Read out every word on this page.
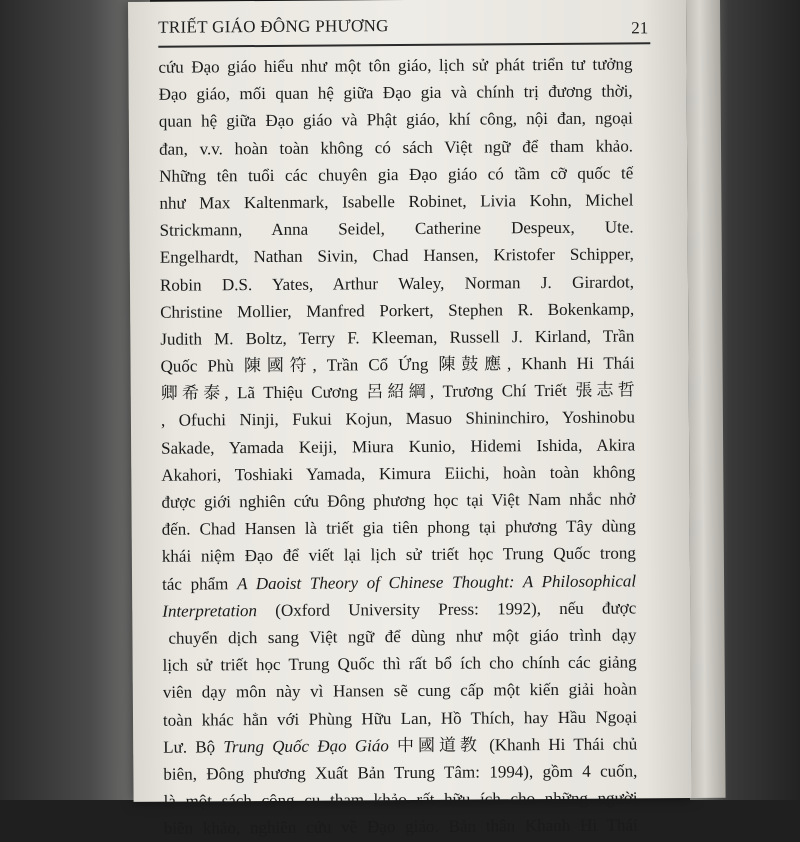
TRIẾT GIÁO ĐÔNG PHƯƠNG	21
cứu Đạo giáo hiểu như một tôn giáo, lịch sử phát triển tư tưởng
Đạo giáo, mối quan hệ giữa Đạo gia và chính trị đương thời,
quan hệ giữa Đạo giáo và Phật giáo, khí công, nội đan, ngoại
đan, v.v. hoàn toàn không có sách Việt ngữ để tham khảo.
Những tên tuổi các chuyên gia Đạo giáo có tầm cỡ quốc tế
như Max Kaltenmark, Isabelle Robinet, Livia Kohn, Michel
Strickmann, Anna Seidel, Catherine Despeux, Ute.
Engelhardt, Nathan Sivin, Chad Hansen, Kristofer Schipper,
Robin D.S. Yates, Arthur Waley, Norman J. Girardot,
Christine Mollier, Manfred Porkert, Stephen R. Bokenkamp,
Judith M. Boltz, Terry F. Kleeman, Russell J. Kirland, Trần
Quốc Phù 陳國符, Trần Cổ Ứng 陳鼓應, Khanh Hi Thái
卿希泰, Lã Thiệu Cương 呂紹綱, Trương Chí Triết 張志哲
, Ofuchi Ninji, Fukui Kojun, Masuo Shininchiro, Yoshinobu
Sakade, Yamada Keiji, Miura Kunio, Hidemi Ishida, Akira
Akahori, Toshiaki Yamada, Kimura Eiichi, hoàn toàn không
được giới nghiên cứu Đông phương học tại Việt Nam nhắc nhở
đến. Chad Hansen là triết gia tiên phong tại phương Tây dùng
khái niệm Đạo để viết lại lịch sử triết học Trung Quốc trong
tác phẩm A Daoist Theory of Chinese Thought: A Philosophical
Interpretation (Oxford University Press: 1992), nếu được
chuyển dịch sang Việt ngữ để dùng như một giáo trình dạy
lịch sử triết học Trung Quốc thì rất bổ ích cho chính các giảng
viên dạy môn này vì Hansen sẽ cung cấp một kiến giải hoàn
toàn khác hẳn với Phùng Hữu Lan, Hồ Thích, hay Hầu Ngoại
Lư. Bộ Trung Quốc Đạo Giáo 中國道教 (Khanh Hi Thái chủ
biên, Đông phương Xuất Bản Trung Tâm: 1994), gồm 4 cuốn,
là một sách công cụ tham khảo rất hữu ích cho những người
biên khảo, nghiên cứu về Đạo giáo. Bản thân Khanh Hi Thái
